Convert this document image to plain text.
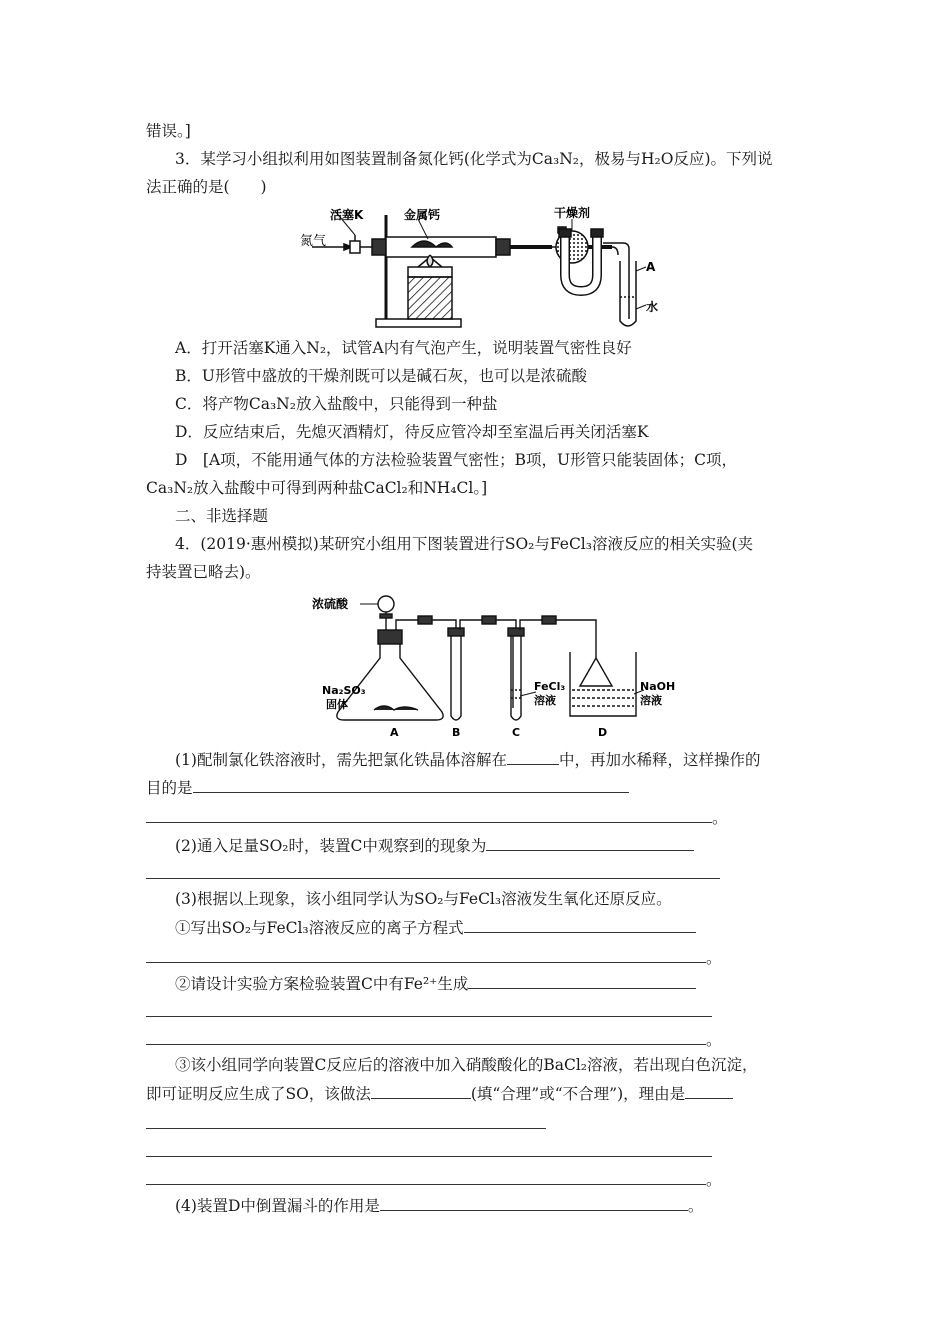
错误。]
3．某学习小组拟利用如图装置制备氮化钙(化学式为Ca₃N₂，极易与H₂O反应)。下列说
法正确的是(　　)
氮气
活塞K	金属钙	干燥剂
A
水
A．打开活塞K通入N₂，试管A内有气泡产生，说明装置气密性良好
B．U形管中盛放的干燥剂既可以是碱石灰，也可以是浓硫酸
C．将产物Ca₃N₂放入盐酸中，只能得到一种盐
D．反应结束后，先熄灭酒精灯，待反应管冷却至室温后再关闭活塞K
D　[A项，不能用通气体的方法检验装置气密性；B项，U形管只能装固体；C项，
Ca₃N₂放入盐酸中可得到两种盐CaCl₂和NH₄Cl。]
二、非选择题
4．(2019·惠州模拟)某研究小组用下图装置进行SO₂与FeCl₃溶液反应的相关实验(夹
持装置已略去)。
浓硫酸
Na₂SO₃
固体
FeCl₃
溶液
NaOH
溶液
A	B	C	D
(1)配制氯化铁溶液时，需先把氯化铁晶体溶解在	中，再加水稀释，这样操作的
目的是
。
(2)通入足量SO₂时，装置C中观察到的现象为
(3)根据以上现象，该小组同学认为SO₂与FeCl₃溶液发生氧化还原反应。
①写出SO₂与FeCl₃溶液反应的离子方程式
。
②请设计实验方案检验装置C中有Fe²⁺生成
。
③该小组同学向装置C反应后的溶液中加入硝酸酸化的BaCl₂溶液，若出现白色沉淀，
即可证明反应生成了SO，该做法	(填“合理”或“不合理”)，理由是
。
(4)装置D中倒置漏斗的作用是	。
